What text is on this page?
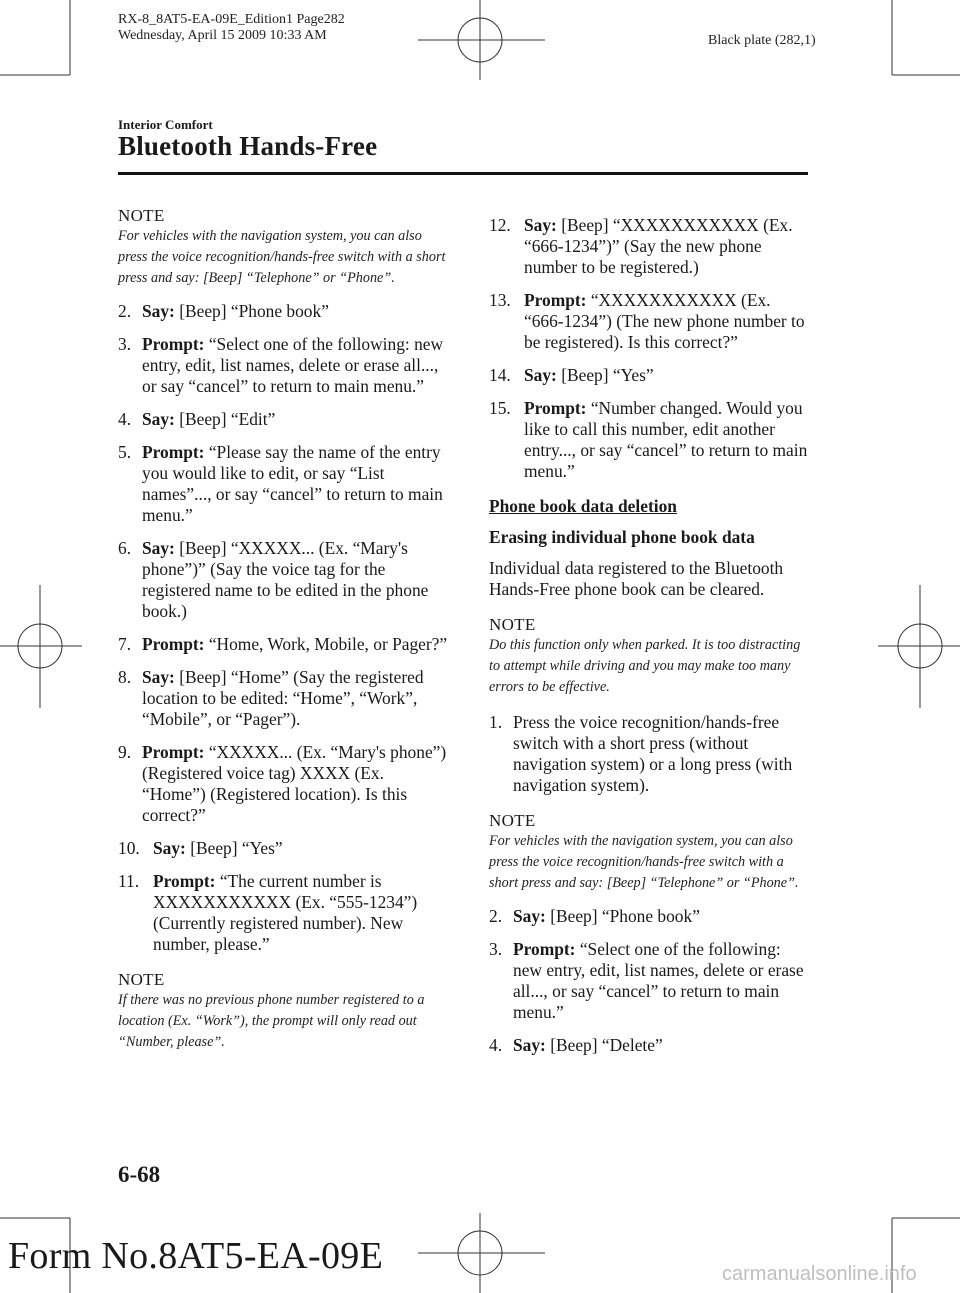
RX-8_8AT5-EA-09E_Edition1 Page282
Wednesday, April 15 2009 10:33 AM	Black plate (282,1)
Interior Comfort
Bluetooth Hands-Free
NOTE
For vehicles with the navigation system, you can also press the voice recognition/hands-free switch with a short press and say: [Beep] “Telephone” or “Phone”.
2. Say: [Beep] “Phone book”
3. Prompt: “Select one of the following: new entry, edit, list names, delete or erase all..., or say “cancel” to return to main menu.”
4. Say: [Beep] “Edit”
5. Prompt: “Please say the name of the entry you would like to edit, or say “List names”..., or say “cancel” to return to main menu.”
6. Say: [Beep] “XXXXX... (Ex. “Mary's phone”)” (Say the voice tag for the registered name to be edited in the phone book.)
7. Prompt: “Home, Work, Mobile, or Pager?”
8. Say: [Beep] “Home” (Say the registered location to be edited: “Home”, “Work”, “Mobile”, or “Pager”).
9. Prompt: “XXXXX... (Ex. “Mary's phone”) (Registered voice tag) XXXX (Ex. “Home”) (Registered location). Is this correct?”
10. Say: [Beep] “Yes”
11. Prompt: “The current number is XXXXXXXXXXX (Ex. “555-1234”) (Currently registered number). New number, please.”
NOTE
If there was no previous phone number registered to a location (Ex. “Work”), the prompt will only read out “Number, please”.
12. Say: [Beep] “XXXXXXXXXXX (Ex. “666-1234”)” (Say the new phone number to be registered.)
13. Prompt: “XXXXXXXXXXX (Ex. “666-1234”) (The new phone number to be registered). Is this correct?”
14. Say: [Beep] “Yes”
15. Prompt: “Number changed. Would you like to call this number, edit another entry..., or say “cancel” to return to main menu.”
Phone book data deletion
Erasing individual phone book data
Individual data registered to the Bluetooth Hands-Free phone book can be cleared.
NOTE
Do this function only when parked. It is too distracting to attempt while driving and you may make too many errors to be effective.
1. Press the voice recognition/hands-free switch with a short press (without navigation system) or a long press (with navigation system).
NOTE
For vehicles with the navigation system, you can also press the voice recognition/hands-free switch with a short press and say: [Beep] “Telephone” or “Phone”.
2. Say: [Beep] “Phone book”
3. Prompt: “Select one of the following: new entry, edit, list names, delete or erase all..., or say “cancel” to return to main menu.”
4. Say: [Beep] “Delete”
6-68
Form No.8AT5-EA-09E	carmanualsonline.info
